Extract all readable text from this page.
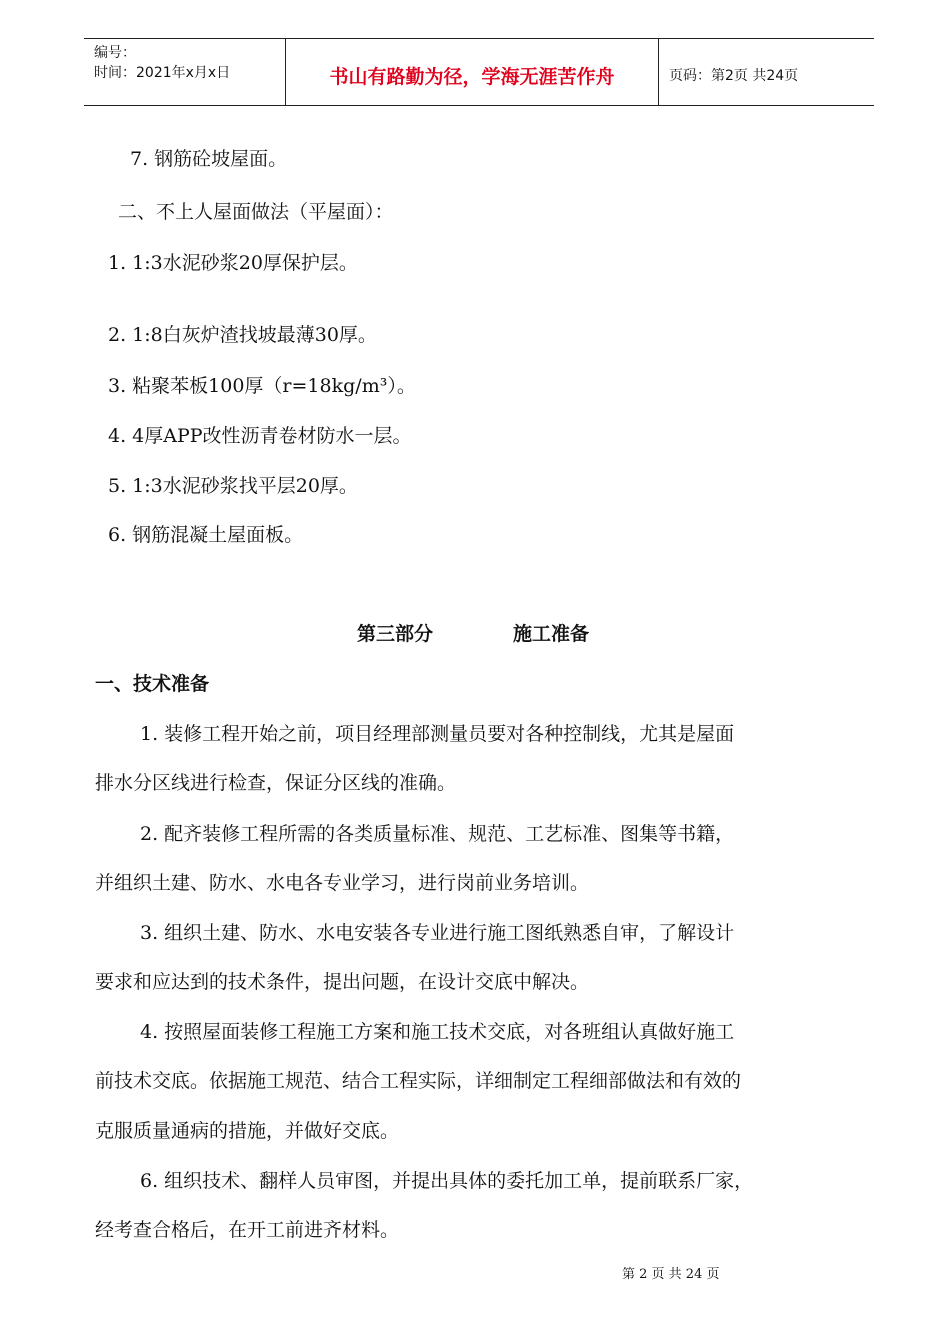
编号：
时间：2021年x月x日	书山有路勤为径，学海无涯苦作舟	页码：第2页 共24页
7. 钢筋砼坡屋面。
二、不上人屋面做法（平屋面）：
1. 1:3水泥砂浆20厚保护层。
2. 1:8白灰炉渣找坡最薄30厚。
3. 粘聚苯板100厚（r=18kg/m³）。
4. 4厚APP改性沥青卷材防水一层。
5. 1:3水泥砂浆找平层20厚。
6. 钢筋混凝土屋面板。
第三部分	施工准备
一、技术准备
1. 装修工程开始之前，项目经理部测量员要对各种控制线，尤其是屋面
排水分区线进行检查，保证分区线的准确。
2. 配齐装修工程所需的各类质量标准、规范、工艺标准、图集等书籍，
并组织土建、防水、水电各专业学习，进行岗前业务培训。
3. 组织土建、防水、水电安装各专业进行施工图纸熟悉自审，了解设计
要求和应达到的技术条件，提出问题，在设计交底中解决。
4. 按照屋面装修工程施工方案和施工技术交底，对各班组认真做好施工
前技术交底。依据施工规范、结合工程实际，详细制定工程细部做法和有效的
克服质量通病的措施，并做好交底。
6. 组织技术、翻样人员审图，并提出具体的委托加工单，提前联系厂家，
经考查合格后，在开工前进齐材料。
第 2 页 共 24 页
